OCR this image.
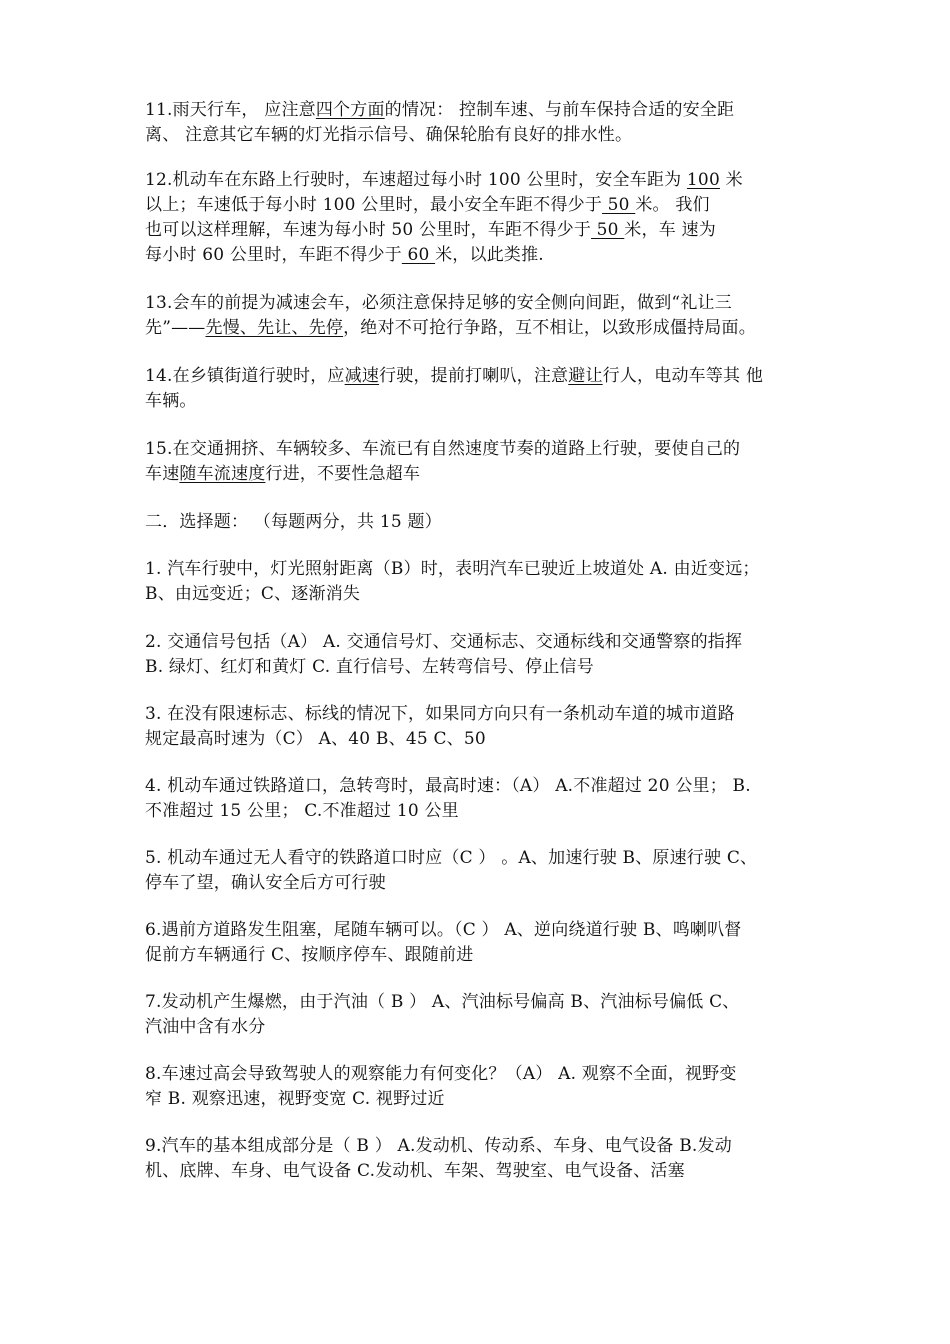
11.雨天行车， 应注意四个方面的情况： 控制车速、与前车保持合适的安全距
离、 注意其它车辆的灯光指示信号、确保轮胎有良好的排水性。
12.机动车在东路上行驶时，车速超过每小时 100 公里时，安全车距为 100 米
以上；车速低于每小时 100 公里时，最小安全车距不得少于 50 米。 我们
也可以这样理解，车速为每小时 50 公里时，车距不得少于 50 米，车 速为
每小时 60 公里时，车距不得少于 60 米，以此类推.
13.会车的前提为减速会车，必须注意保持足够的安全侧向间距，做到“礼让三
先”——先慢、先让、先停，绝对不可抢行争路，互不相让，以致形成僵持局面。
14.在乡镇街道行驶时，应减速行驶，提前打喇叭，注意避让行人，电动车等其 他
车辆。
15.在交通拥挤、车辆较多、车流已有自然速度节奏的道路上行驶，要使自己的
车速随车流速度行进，不要性急超车
二．选择题： （每题两分，共 15 题）
1. 汽车行驶中，灯光照射距离（B）时，表明汽车已驶近上坡道处 A. 由近变远；
B、由远变近；C、逐渐消失
2. 交通信号包括（A） A. 交通信号灯、交通标志、交通标线和交通警察的指挥
B. 绿灯、红灯和黄灯 C. 直行信号、左转弯信号、停止信号
3. 在没有限速标志、标线的情况下，如果同方向只有一条机动车道的城市道路
规定最高时速为（C） A、40 B、45 C、50
4. 机动车通过铁路道口，急转弯时，最高时速：（A） A.不准超过 20 公里； B.
不准超过 15 公里； C.不准超过 10 公里
5. 机动车通过无人看守的铁路道口时应（C ） 。A、加速行驶 B、原速行驶 C、
停车了望，确认安全后方可行驶
6.遇前方道路发生阻塞，尾随车辆可以。（C ） A、逆向绕道行驶 B、鸣喇叭督
促前方车辆通行 C、按顺序停车、跟随前进
7.发动机产生爆燃，由于汽油（ B ） A、汽油标号偏高 B、汽油标号偏低 C、
汽油中含有水分
8.车速过高会导致驾驶人的观察能力有何变化？（A） A. 观察不全面，视野变
窄 B. 观察迅速，视野变宽 C. 视野过近
9.汽车的基本组成部分是（ B ） A.发动机、传动系、车身、电气设备 B.发动
机、底牌、车身、电气设备 C.发动机、车架、驾驶室、电气设备、活塞
